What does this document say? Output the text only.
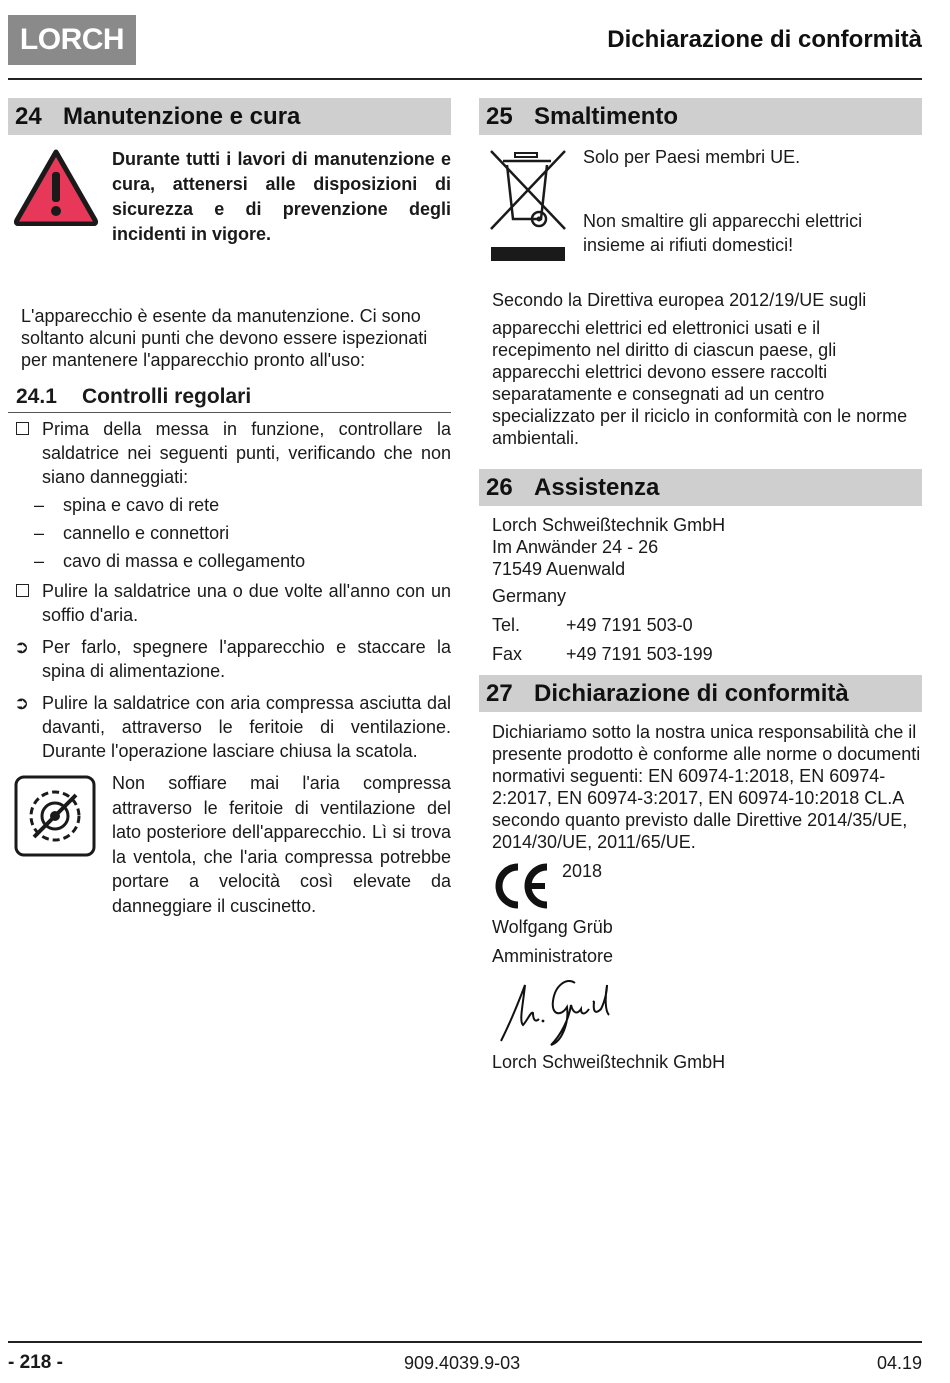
LORCH	Dichiarazione di conformità
24 Manutenzione e cura
Durante tutti i lavori di manutenzione e cura, attenersi alle disposizioni di sicurezza e di prevenzione degli incidenti in vigore.
L'apparecchio è esente da manutenzione. Ci sono soltanto alcuni punti che devono essere ispezionati per mantenere l'apparecchio pronto all'uso:
24.1 Controlli regolari
Prima della messa in funzione, controllare la saldatrice nei seguenti punti, verificando che non siano danneggiati:
– spina e cavo di rete
– cannello e connettori
– cavo di massa e collegamento
Pulire la saldatrice una o due volte all'anno con un soffio d'aria.
➲ Per farlo, spegnere l'apparecchio e staccare la spina di alimentazione.
➲ Pulire la saldatrice con aria compressa asciutta dal davanti, attraverso le feritoie di ventilazione. Durante l'operazione lasciare chiusa la scatola.
Non soffiare mai l'aria compressa attraverso le feritoie di ventilazione del lato posteriore dell'apparecchio. Lì si trova la ventola, che l'aria compressa potrebbe portare a velocità così elevate da danneggiare il cuscinetto.
25 Smaltimento
Solo per Paesi membri UE.
Non smaltire gli apparecchi elettrici insieme ai rifiuti domestici!
Secondo la Direttiva europea 2012/19/UE sugli
apparecchi elettrici ed elettronici usati e il recepimento nel diritto di ciascun paese, gli apparecchi elettrici devono essere raccolti separatamente e consegnati ad un centro specializzato per il riciclo in conformità con le norme ambientali.
26 Assistenza
Lorch Schweißtechnik GmbH
Im Anwänder 24 - 26
71549 Auenwald
Germany
Tel.	+49 7191 503-0
Fax	+49 7191 503-199
27 Dichiarazione di conformità
Dichiariamo sotto la nostra unica responsabilità che il presente prodotto è conforme alle norme o documenti normativi seguenti: EN 60974-1:2018, EN 60974-2:2017, EN 60974-3:2017, EN 60974-10:2018 CL.A secondo quanto previsto dalle Direttive 2014/35/UE, 2014/30/UE, 2011/65/UE.
2018
Wolfgang Grüb
Amministratore
Lorch Schweißtechnik GmbH
- 218 -	909.4039.9-03	04.19
